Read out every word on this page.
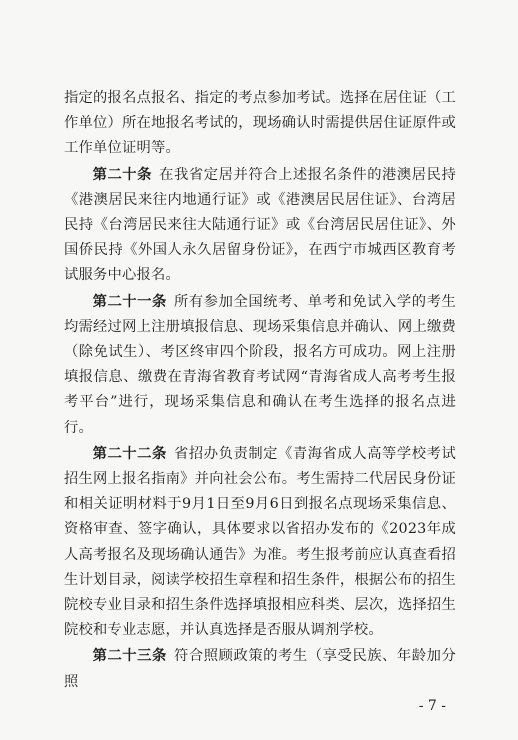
指定的报名点报名、指定的考点参加考试。选择在居住证（工作单位）所在地报名考试的，现场确认时需提供居住证原件或工作单位证明等。

第二十条 在我省定居并符合上述报名条件的港澳居民持《港澳居民来往内地通行证》或《港澳居民居住证》、台湾居民持《台湾居民来往大陆通行证》或《台湾居民居住证》、外国侨民持《外国人永久居留身份证》，在西宁市城西区教育考试服务中心报名。

第二十一条 所有参加全国统考、单考和免试入学的考生均需经过网上注册填报信息、现场采集信息并确认、网上缴费（除免试生）、考区终审四个阶段，报名方可成功。网上注册填报信息、缴费在青海省教育考试网“青海省成人高考考生报考平台”进行，现场采集信息和确认在考生选择的报名点进行。

第二十二条 省招办负责制定《青海省成人高等学校考试招生网上报名指南》并向社会公布。考生需持二代居民身份证和相关证明材料于9月1日至9月6日到报名点现场采集信息、资格审查、签字确认，具体要求以省招办发布的《2023年成人高考报名及现场确认通告》为准。考生报考前应认真查看招生计划目录，阅读学校招生章程和招生条件，根据公布的招生院校专业目录和招生条件选择填报相应科类、层次，选择招生院校和专业志愿，并认真选择是否服从调剂学校。

第二十三条 符合照顾政策的考生（享受民族、年龄加分照

- 7 -
